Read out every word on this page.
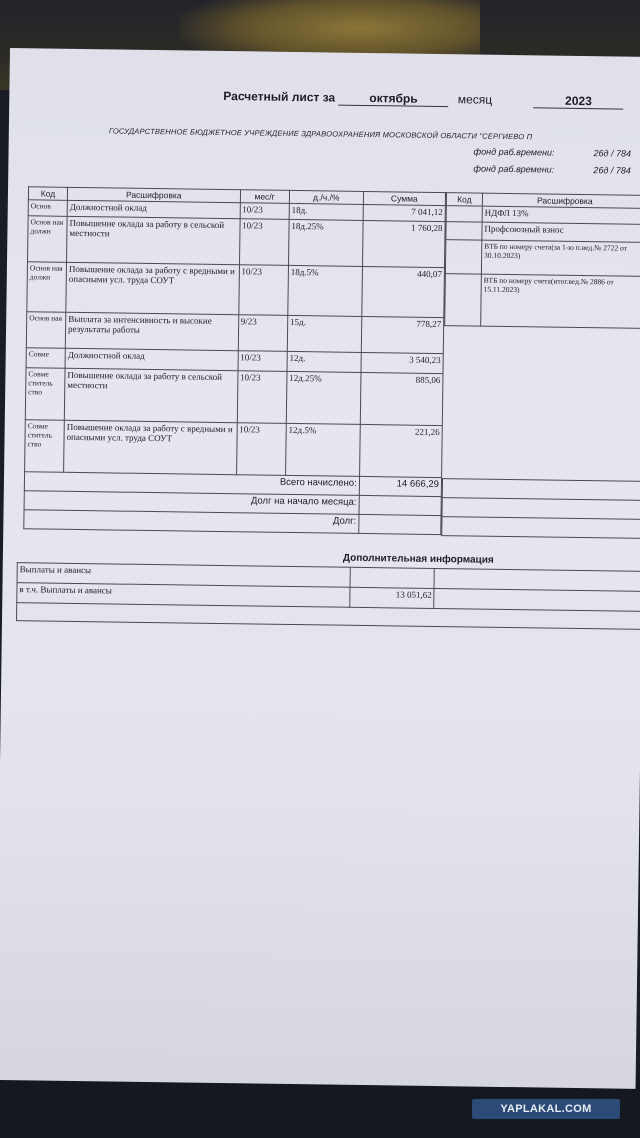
Расчетный лист за	октябрь	месяц	2023
ГОСУДАРСТВЕННОЕ БЮДЖЕТНОЕ УЧРЕЖДЕНИЕ ЗДРАВООХРАНЕНИЯ МОСКОВСКОЙ ОБЛАСТИ "СЕРГИЕВО П
фонд раб.времени:	26д / 784
фонд раб.времени:	26д / 784
Код	Расшифровка	мес/г	д./ч./%	Сумма
Основ	Должностной оклад	10/23	18д.	7 041,12
Основ ная должн	Повышение оклада за работу в сельской местности	10/23	18д.25%	1 760,28
Основ ная должн	Повышение оклада за работу с вредными и опасными усл. труда СОУТ	10/23	18д.5%	440,07
Основ ная	Выплата за интенсивность и высокие результаты работы	9/23	15д.	778,27
Совме	Должностной оклад	10/23	12д.	3 540,23
Совме ститель ство	Повышение оклада за работу в сельской местности	10/23	12д.25%	885,06
Совме ститель ство	Повышение оклада за работу с вредными и опасными усл. труда СОУТ	10/23	12д.5%	221,26
Всего начислено:				14 666,29
Долг на начало месяца:				
Долг:				
Код	Расшифровка
	НДФЛ 13%
	Профсоюзный взнос
	ВТБ по номеру счета(за 1-ю п.вед.№ 2722 от 30.10.2023)
	ВТБ по номеру счета(итог.вед.№ 2886 от 15.11.2023)

Дополнительная информация
Выплаты и авансы		
в т.ч. Выплаты и авансы	13 051,62	

YAPLAKAL.COM
